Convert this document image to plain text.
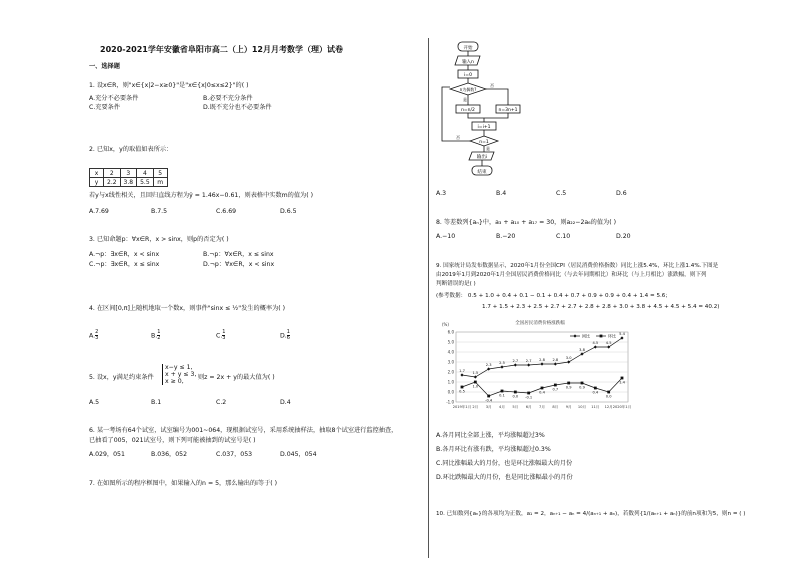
2020-2021学年安徽省阜阳市高二（上）12月月考数学（理）试卷
一、选择题
1. 设x∈R，则"x∈{x|2−x≥0}"是"x∈{x|0≤x≤2}"的( )
A.充分不必要条件	B.必要不充分条件
C.充要条件	D.既不充分也不必要条件
2. 已知x，y的取值如表所示：
x	2	3	4	5
y	2.2	3.8	5.5	m
若y与x线性相关，且回归直线方程为ŷ = 1.46x−0.61，则表格中实数m的值为( )
A.7.69	B.7.5	C.6.69	D.6.5
3. 已知命题p：∀x∈R，x > sinx，则p的否定为( )
A.¬p：∃x∈R，x < sinx	B.¬p：∀x∈R，x ≤ sinx
C.¬p：∃x∈R，x ≤ sinx	D.¬p：∀x∈R，x < sinx
4. 在区间[0,π]上随机地取一个数x，则事件"sinx ≤ ½"发生的概率为( )
A. $\frac{2}{3}$	B. $\frac{1}{2}$	C. $\frac{1}{3}$	D. $\frac{1}{6}$
5. 设x，y满足约束条件
x−y ≤ 1,
x + y ≤ 3,
x ≥ 0,
则z = 2x + y的最大值为( )
A.5	B.1	C.2	D.4
6. 某一考场有64个试室，试室编号为001~064，现根据试室号，采用系统抽样法，抽取8个试室进行监控抽查，
已抽看了005，021试室号，则下列可能被抽到的试室号是( )
A.029，051	B.036，052	C.037，053	D.045，054
7. 在如图所示的程序框图中，如果输入的n = 5，那么输出的i等于( )
开始
输入n
i=0
n为偶数?
是
否
n=n/2	n=3n+1
i=i+1
n=1
否
是
输出i
结束
A.3	B.4	C.5	D.6
8. 等差数列{aₙ}中，a₃ + a₁₀ + a₁₇ = 30，则a₂₂−2a₆的值为( )
A.−10	B.−20	C.10	D.20
9. 国家统计局发布数据显示，2020年1月份全国CPI（居民消费价格指数）同比上涨5.4%，环比上涨1.4%.下图是
由2019年1月到2020年1月全国居民消费价格同比（与去年同期相比）和环比（与上月相比）涨跌幅，则下列
判断错误的是( )
(参考数据： 0.5 + 1.0 + 0.4 + 0.1 − 0.1 + 0.4 + 0.7 + 0.9 + 0.9 + 0.4 + 1.4 = 5.6；
1.7 + 1.5 + 2.3 + 2.5 + 2.7 + 2.7 + 2.8 + 2.8 + 3.0 + 3.8 + 4.5 + 4.5 + 5.4 = 40.2)
全国居民消费价格涨跌幅
(%)
同比	环比
6.0
5.0
4.0
3.0
2.0
1.0
0.0
-1.0
2019年1月 2月 3月 4月 5月 6月 7月 8月 9月 10月 11月 12月 2020年1月
1.7 1.5
2.3 2.5 2.7 2.7 2.8 2.8 3.0
3.8
4.5 4.5
5.4
0.5
1.0
-0.4
0.1 0.0 -0.1
0.4
0.7 0.9 0.9
0.4
0.0
1.4
A.各月同比全部上涨，平均涨幅超过3%
B.各月环比有涨有跌，平均涨幅超过0.3%
C.同比涨幅最大的月份，也是环比涨幅最大的月份
D.环比跌幅最大的月份，也是同比涨幅最小的月份
10. 已知数列{aₙ}的各项均为正数，a₁ = 2，aₙ₊₁ − aₙ = 4/(aₙ₊₁ + aₙ)，若数列{1/(aₙ₊₁ + aₙ)}的前n项和为5，则n = ( )
